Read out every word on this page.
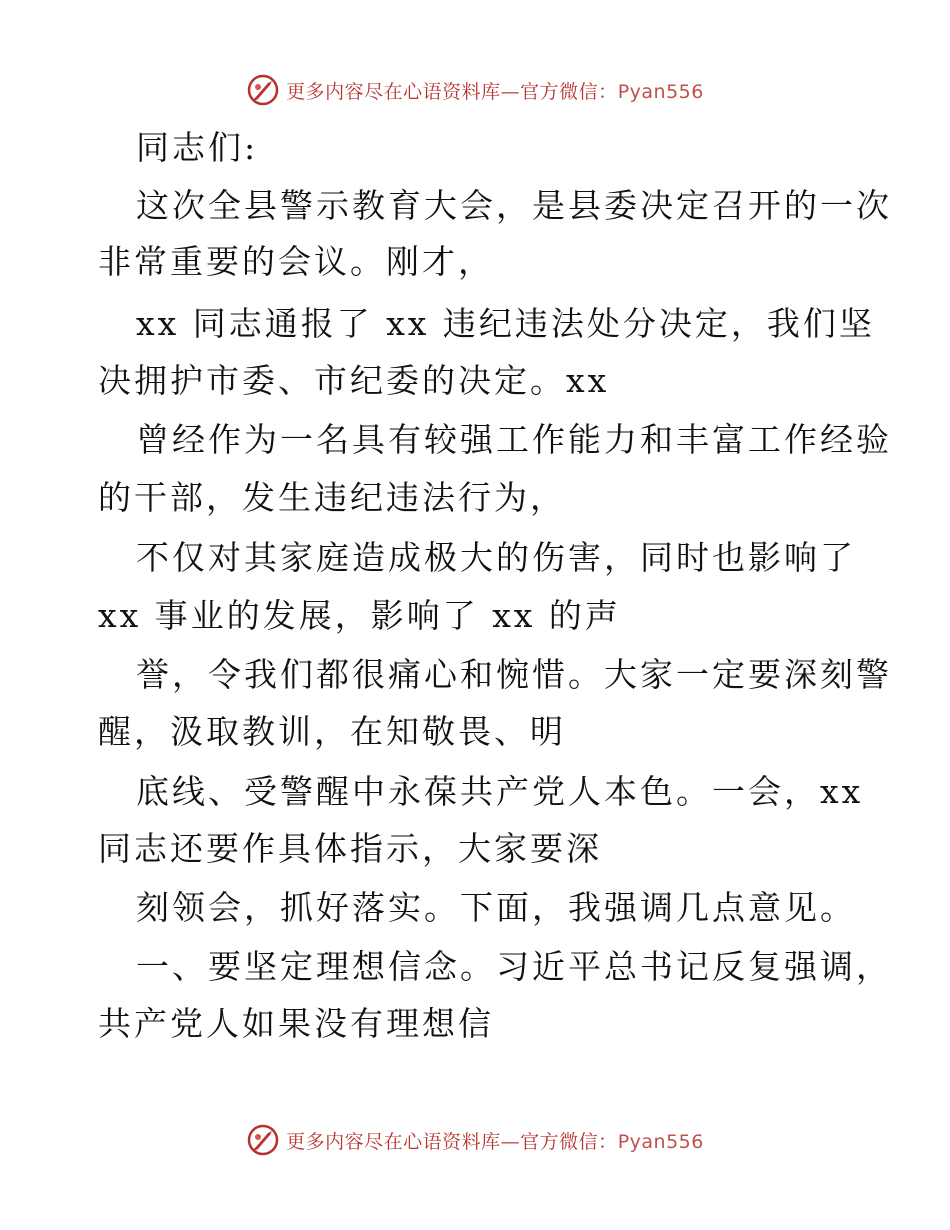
更多内容尽在心语资料库—官方微信：Pyan556
同志们:
这次全县警示教育大会，是县委决定召开的一次
非常重要的会议。刚才，
xx 同志通报了 xx 违纪违法处分决定，我们坚
决拥护市委、市纪委的决定。xx
曾经作为一名具有较强工作能力和丰富工作经验
的干部，发生违纪违法行为，
不仅对其家庭造成极大的伤害，同时也影响了
xx 事业的发展，影响了 xx 的声
誉，令我们都很痛心和惋惜。大家一定要深刻警
醒，汲取教训，在知敬畏、明
底线、受警醒中永葆共产党人本色。一会，xx
同志还要作具体指示，大家要深
刻领会，抓好落实。下面，我强调几点意见。
一、要坚定理想信念。习近平总书记反复强调，
共产党人如果没有理想信
更多内容尽在心语资料库—官方微信：Pyan556
